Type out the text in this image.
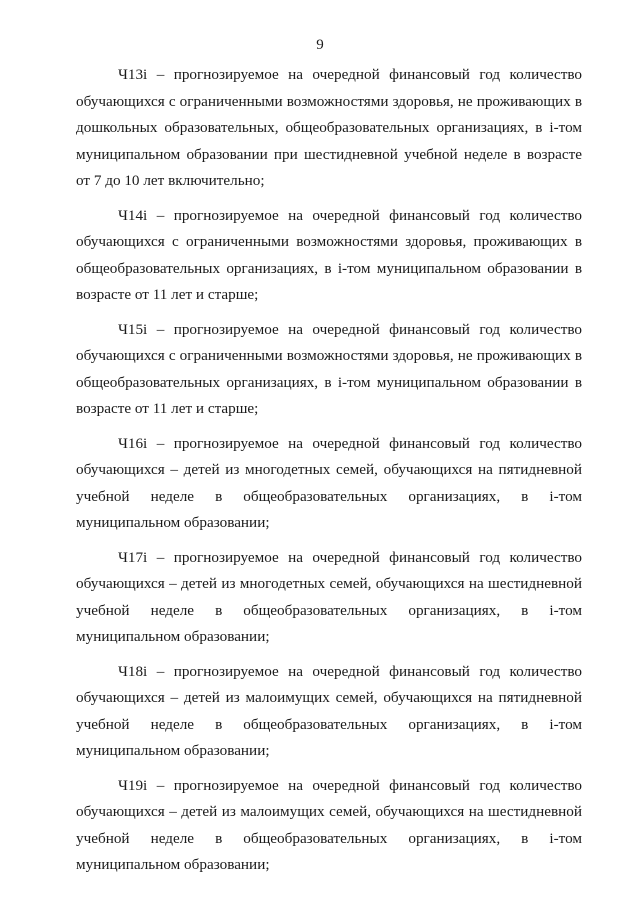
9

Ч13i – прогнозируемое на очередной финансовый год количество обучающихся с ограниченными возможностями здоровья, не проживающих в дошкольных образовательных, общеобразовательных организациях, в i-том муниципальном образовании при шестидневной учебной неделе в возрасте от 7 до 10 лет включительно;

Ч14i – прогнозируемое на очередной финансовый год количество обучающихся с ограниченными возможностями здоровья, проживающих в общеобразовательных организациях, в i-том муниципальном образовании в возрасте от 11 лет и старше;

Ч15i – прогнозируемое на очередной финансовый год количество обучающихся с ограниченными возможностями здоровья, не проживающих в общеобразовательных организациях, в i-том муниципальном образовании в возрасте от 11 лет и старше;

Ч16i – прогнозируемое на очередной финансовый год количество обучающихся – детей из многодетных семей, обучающихся на пятидневной учебной неделе в общеобразовательных организациях, в i-том муниципальном образовании;

Ч17i – прогнозируемое на очередной финансовый год количество обучающихся – детей из многодетных семей, обучающихся на шестидневной учебной неделе в общеобразовательных организациях, в i-том муниципальном образовании;

Ч18i – прогнозируемое на очередной финансовый год количество обучающихся – детей из малоимущих семей, обучающихся на пятидневной учебной неделе в общеобразовательных организациях, в i-том муниципальном образовании;

Ч19i – прогнозируемое на очередной финансовый год количество обучающихся – детей из малоимущих семей, обучающихся на шестидневной учебной неделе в общеобразовательных организациях, в i-том муниципальном образовании;
